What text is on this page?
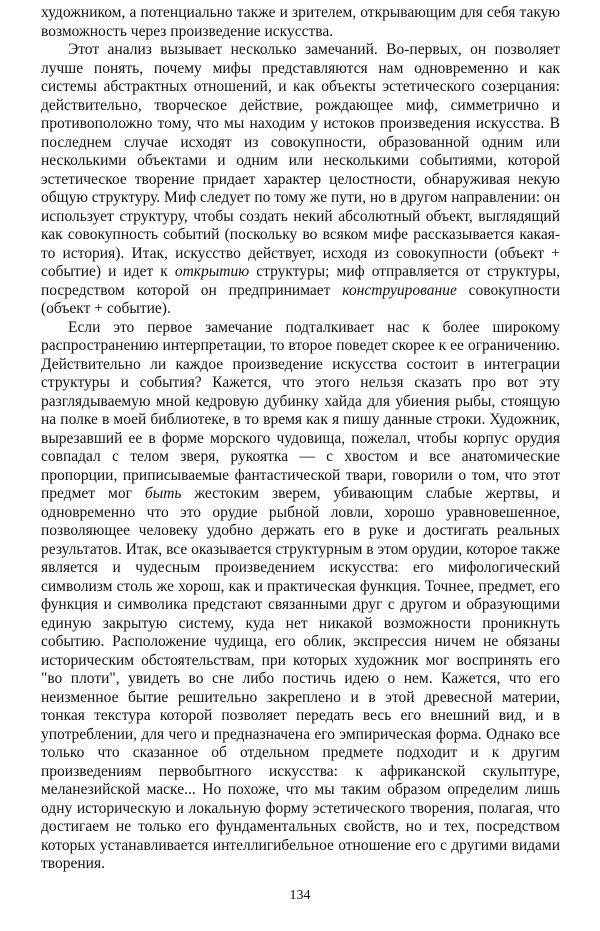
художником, а потенциально также и зрителем, открывающим для себя такую возможность через произведение искусства.

Этот анализ вызывает несколько замечаний. Во-первых, он позволяет лучше понять, почему мифы представляются нам одновременно и как системы абстрактных отношений, и как объекты эстетического созерцания: действительно, творческое действие, рождающее миф, симметрично и противоположно тому, что мы находим у истоков произведения искусства. В последнем случае исходят из совокупности, образованной одним или несколькими объектами и одним или несколькими событиями, которой эстетическое творение придает характер целостности, обнаруживая некую общую структуру. Миф следует по тому же пути, но в другом направлении: он использует структуру, чтобы создать некий абсолютный объект, выглядящий как совокупность событий (поскольку во всяком мифе рассказывается какая-то история). Итак, искусство действует, исходя из совокупности (объект + событие) и идет к открытию структуры; миф отправляется от структуры, посредством которой он предпринимает конструирование совокупности (объект + событие).

Если это первое замечание подталкивает нас к более широкому распространению интерпретации, то второе поведет скорее к ее ограничению. Действительно ли каждое произведение искусства состоит в интеграции структуры и события? Кажется, что этого нельзя сказать про вот эту разглядываемую мной кедровую дубинку хайда для убиения рыбы, стоящую на полке в моей библиотеке, в то время как я пишу данные строки. Художник, вырезавший ее в форме морского чудовища, пожелал, чтобы корпус орудия совпадал с телом зверя, рукоятка — с хвостом и все анатомические пропорции, приписываемые фантастической твари, говорили о том, что этот предмет мог быть жестоким зверем, убивающим слабые жертвы, и одновременно что это орудие рыбной ловли, хорошо уравновешенное, позволяющее человеку удобно держать его в руке и достигать реальных результатов. Итак, все оказывается структурным в этом орудии, которое также является и чудесным произведением искусства: его мифологический символизм столь же хорош, как и практическая функция. Точнее, предмет, его функция и символика предстают связанными друг с другом и образующими единую закрытую систему, куда нет никакой возможности проникнуть событию. Расположение чудища, его облик, экспрессия ничем не обязаны историческим обстоятельствам, при которых художник мог воспринять его "во плоти", увидеть во сне либо постичь идею о нем. Кажется, что его неизменное бытие решительно закреплено и в этой древесной материи, тонкая текстура которой позволяет передать весь его внешний вид, и в употреблении, для чего и предназначена его эмпирическая форма. Однако все только что сказанное об отдельном предмете подходит и к другим произведениям первобытного искусства: к африканской скульптуре, меланезийской маске... Но похоже, что мы таким образом определим лишь одну историческую и локальную форму эстетического творения, полагая, что достигаем не только его фундаментальных свойств, но и тех, посредством которых устанавливается интеллигибельное отношение его с другими видами творения.

134
